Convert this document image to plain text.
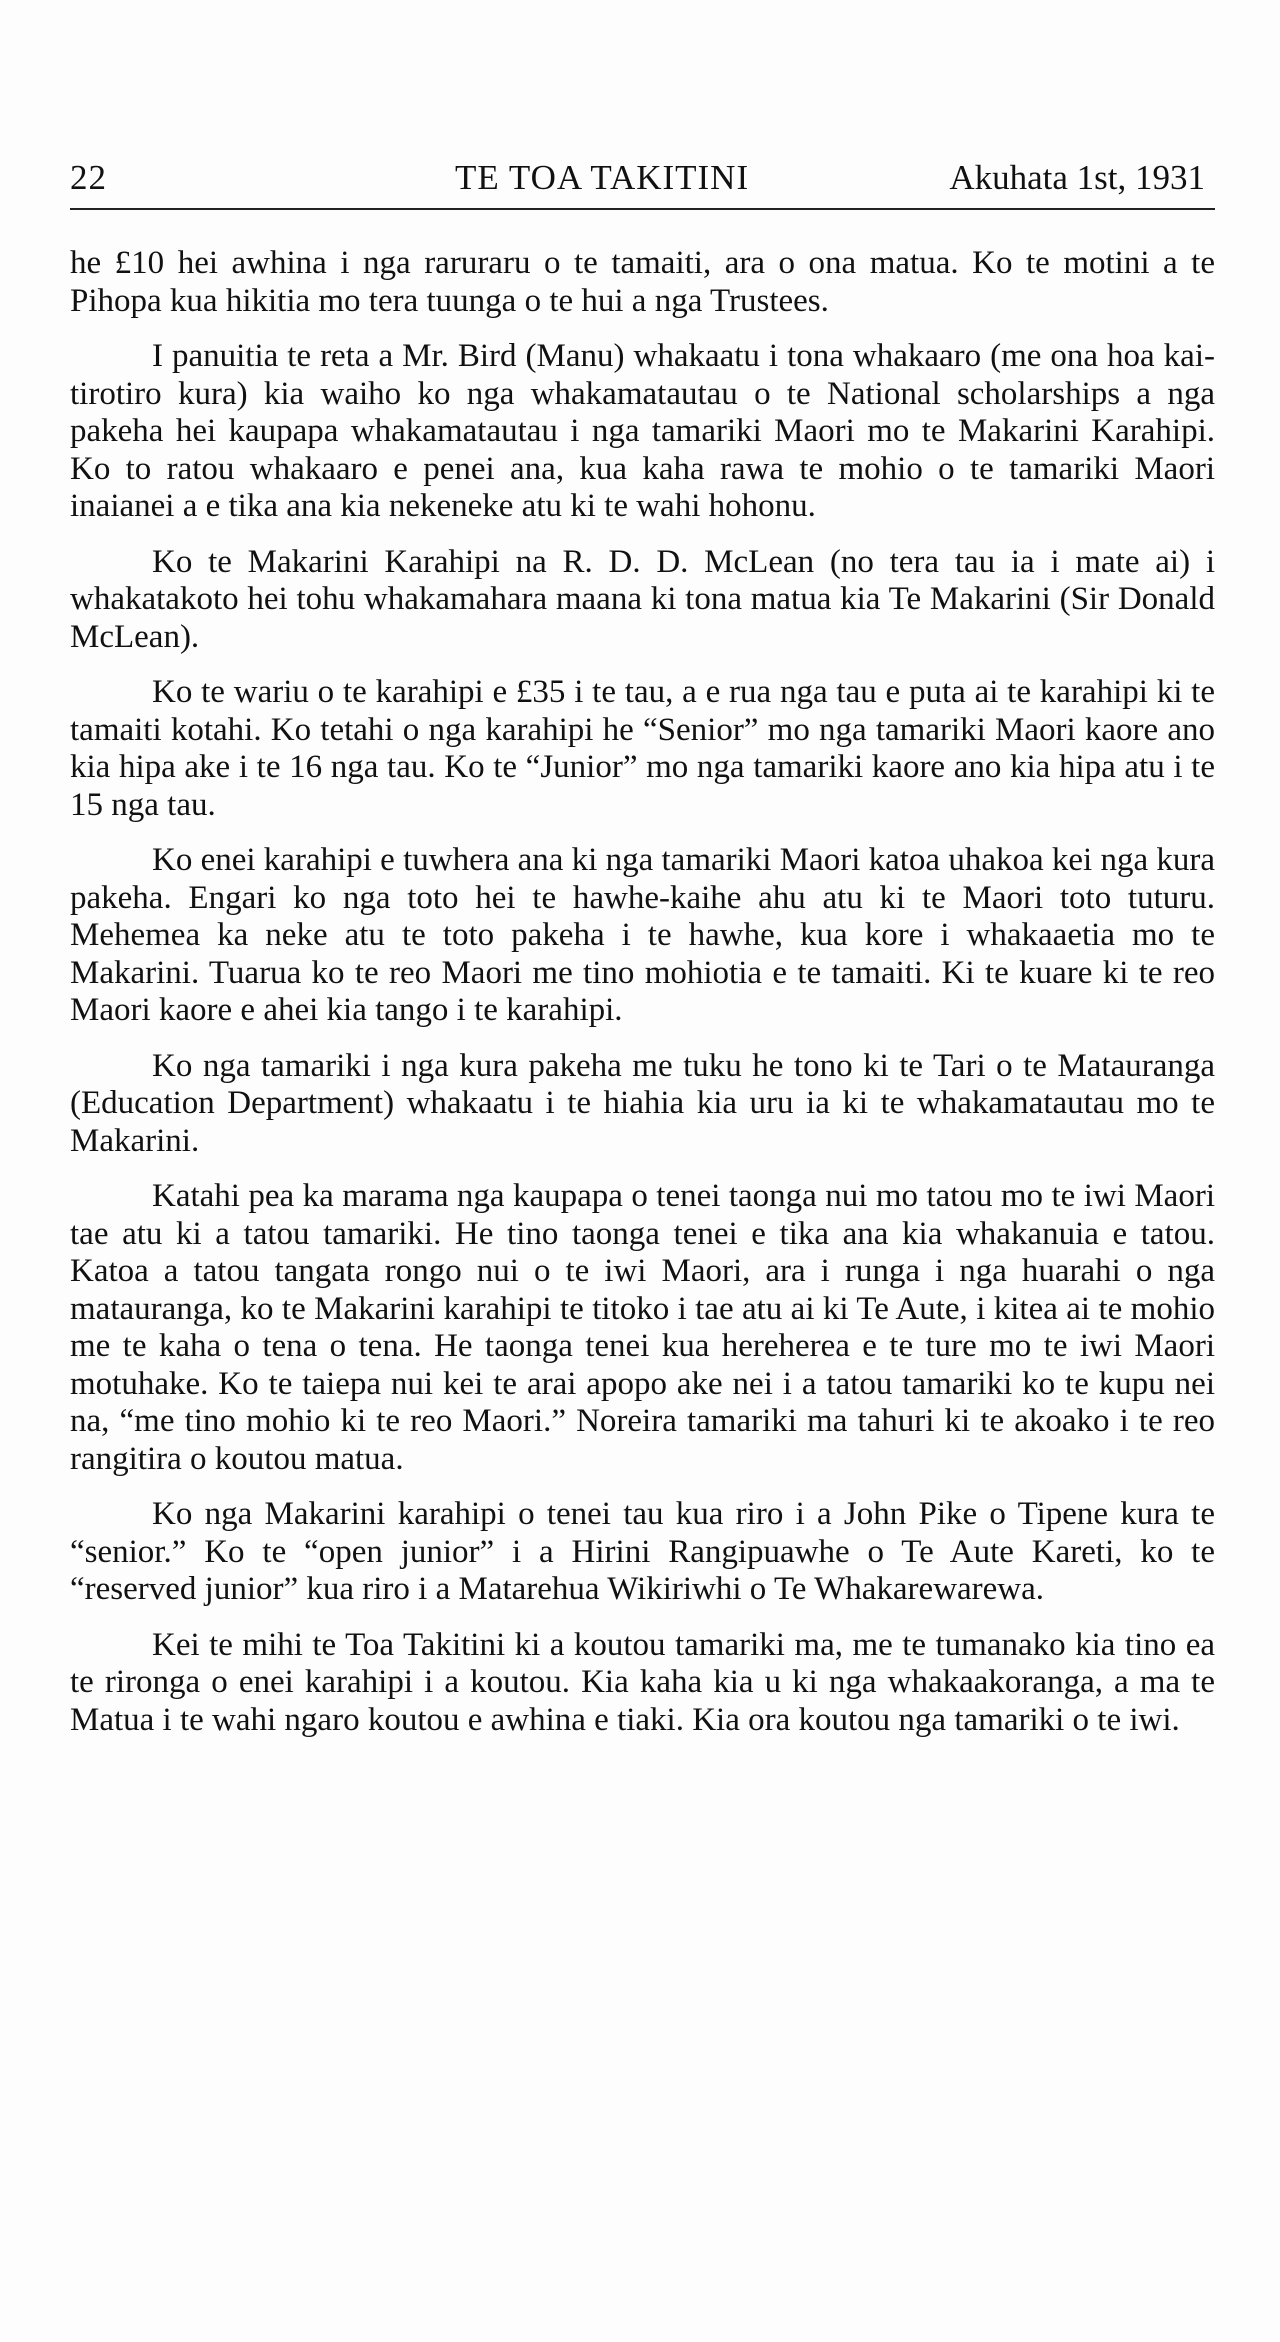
22	TE TOA TAKITINI	Akuhata 1st, 1931

he £10 hei awhina i nga raruraru o te tamaiti, ara o ona matua. Ko te motini a te Pihopa kua hikitia mo tera tuunga o te hui a nga Trustees.

I panuitia te reta a Mr. Bird (Manu) whakaatu i tona whakaaro (me ona hoa kai-tirotiro kura) kia waiho ko nga whakamatautau o te National scholarships a nga pakeha hei kaupapa whakamatautau i nga tamariki Maori mo te Makarini Karahipi. Ko to ratou whakaaro e penei ana, kua kaha rawa te mohio o te tamariki Maori inaianei a e tika ana kia nekeneke atu ki te wahi hohonu.

Ko te Makarini Karahipi na R. D. D. McLean (no tera tau ia i mate ai) i whakatakoto hei tohu whakamahara maana ki tona matua kia Te Makarini (Sir Donald McLean).

Ko te wariu o te karahipi e £35 i te tau, a e rua nga tau e puta ai te karahipi ki te tamaiti kotahi. Ko tetahi o nga karahipi he “Senior” mo nga tamariki Maori kaore ano kia hipa ake i te 16 nga tau. Ko te “Junior” mo nga tamariki kaore ano kia hipa atu i te 15 nga tau.

Ko enei karahipi e tuwhera ana ki nga tamariki Maori katoa uhakoa kei nga kura pakeha. Engari ko nga toto hei te hawhe-kaihe ahu atu ki te Maori toto tuturu. Mehemea ka neke atu te toto pakeha i te hawhe, kua kore i whakaaetia mo te Makarini. Tuarua ko te reo Maori me tino mohiotia e te tamaiti. Ki te kuare ki te reo Maori kaore e ahei kia tango i te karahipi.

Ko nga tamariki i nga kura pakeha me tuku he tono ki te Tari o te Matauranga (Education Department) whakaatu i te hiahia kia uru ia ki te whakamatautau mo te Makarini.

Katahi pea ka marama nga kaupapa o tenei taonga nui mo tatou mo te iwi Maori tae atu ki a tatou tamariki. He tino taonga tenei e tika ana kia whakanuia e tatou. Katoa a tatou tangata rongo nui o te iwi Maori, ara i runga i nga huarahi o nga matauranga, ko te Makarini karahipi te titoko i tae atu ai ki Te Aute, i kitea ai te mohio me te kaha o tena o tena. He taonga tenei kua hereherea e te ture mo te iwi Maori motuhake. Ko te taiepa nui kei te arai apopo ake nei i a tatou tamariki ko te kupu nei na, “me tino mohio ki te reo Maori.” Noreira tamariki ma tahuri ki te akoako i te reo rangitira o koutou matua.

Ko nga Makarini karahipi o tenei tau kua riro i a John Pike o Tipene kura te “senior.” Ko te “open junior” i a Hirini Rangipuawhe o Te Aute Kareti, ko te “reserved junior” kua riro i a Matarehua Wikiriwhi o Te Whakarewarewa.

Kei te mihi te Toa Takitini ki a koutou tamariki ma, me te tumanako kia tino ea te rironga o enei karahipi i a koutou. Kia kaha kia u ki nga whakaakoranga, a ma te Matua i te wahi ngaro koutou e awhina e tiaki. Kia ora koutou nga tamariki o te iwi.
